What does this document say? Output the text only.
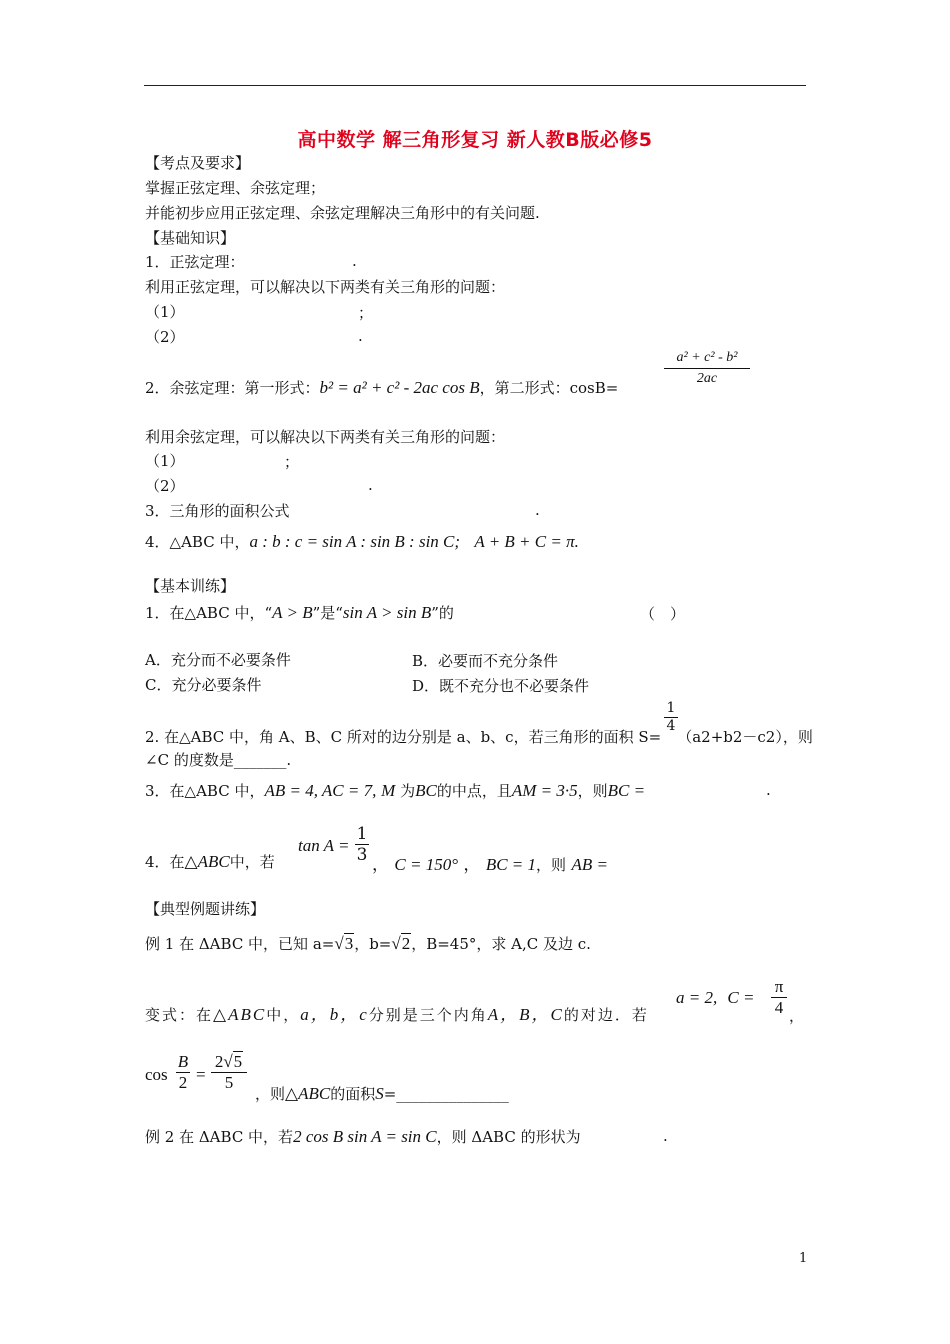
高中数学 解三角形复习 新人教B版必修5
【考点及要求】
掌握正弦定理、余弦定理；
并能初步应用正弦定理、余弦定理解决三角形中的有关问题.
【基础知识】
1．正弦定理：	.
利用正弦定理，可以解决以下两类有关三角形的问题：
（1）	；
（2）	.
2．余弦定理：第一形式：b² = a² + c² - 2ac cos B，第二形式：cosB=
$\frac{\text{a² + c² - b²}}{2ac}$
利用余弦定理，可以解决以下两类有关三角形的问题：
（1）	；
（2）	.
3．三角形的面积公式	.
4．△ABC 中，a : b : c = sin A : sin B : sin C; A + B + C = π.
【基本训练】
1．在△ABC 中，“A > B”是“sin A > sin B”的	（　）
A．充分而不必要条件	B．必要而不充分条件
C．充分必要条件	D．既不充分也不必要条件
2. 在△ABC 中，角 A、B、C 所对的边分别是 a、b、c，若三角形的面积 S= （a2+b2－c2），则
$\frac{1}{4}$
∠C 的度数是_______.
3．在△ABC 中，AB = 4, AC = 7, M 为BC的中点，且AM = 3·5，则BC =	.
4．在△ABC中，若
tan A =
1
3 ， C = 150° ， BC = 1，则 AB =
【典型例题讲练】
例 1 在 ΔABC 中，已知 a=√3，b=√2，B=45°，求 A,C 及边 c.
变式：在△ABC中，a，b，c分别是三个内角A，B，C的对边．若
a = 2, C =
π
4 ，
cos
B
2 =
2√5
5
，则△ABC的面积S=_______________
例 2 在 ΔABC 中，若2 cos B sin A = sin C，则 ΔABC 的形状为	.
1
